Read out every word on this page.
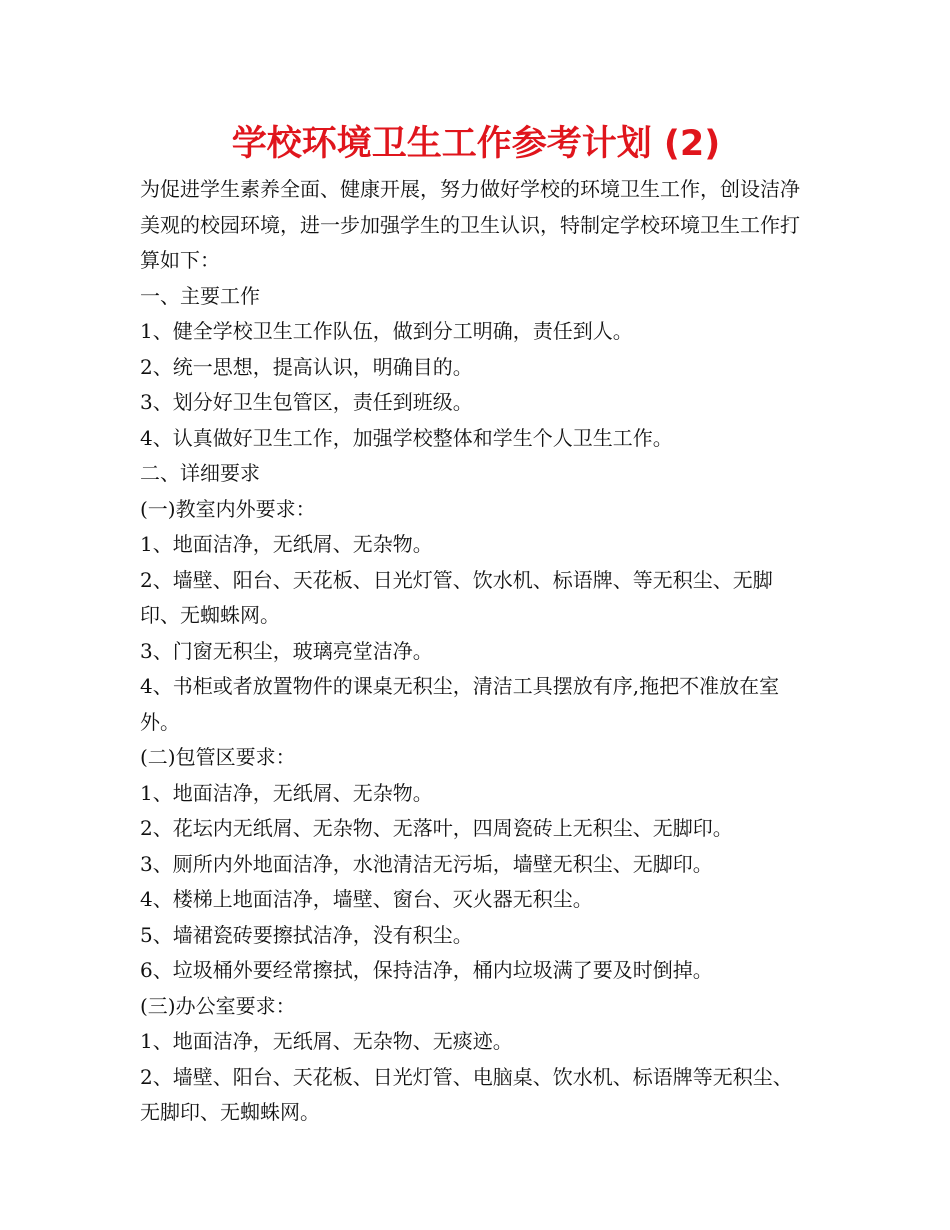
学校环境卫生工作参考计划 (2)

为促进学生素养全面、健康开展，努力做好学校的环境卫生工作，创设洁净美观的校园环境，进一步加强学生的卫生认识，特制定学校环境卫生工作打算如下：

一、主要工作

1、健全学校卫生工作队伍，做到分工明确，责任到人。

2、统一思想，提高认识，明确目的。

3、划分好卫生包管区，责任到班级。

4、认真做好卫生工作，加强学校整体和学生个人卫生工作。

二、详细要求

(一)教室内外要求：

1、地面洁净，无纸屑、无杂物。

2、墙壁、阳台、天花板、日光灯管、饮水机、标语牌、等无积尘、无脚印、无蜘蛛网。

3、门窗无积尘，玻璃亮堂洁净。

4、书柜或者放置物件的课桌无积尘，清洁工具摆放有序,拖把不准放在室外。

(二)包管区要求：

1、地面洁净，无纸屑、无杂物。

2、花坛内无纸屑、无杂物、无落叶，四周瓷砖上无积尘、无脚印。

3、厕所内外地面洁净，水池清洁无污垢，墙壁无积尘、无脚印。

4、楼梯上地面洁净，墙壁、窗台、灭火器无积尘。

5、墙裙瓷砖要擦拭洁净，没有积尘。

6、垃圾桶外要经常擦拭，保持洁净，桶内垃圾满了要及时倒掉。

(三)办公室要求：

1、地面洁净，无纸屑、无杂物、无痰迹。

2、墙壁、阳台、天花板、日光灯管、电脑桌、饮水机、标语牌等无积尘、无脚印、无蜘蛛网。
